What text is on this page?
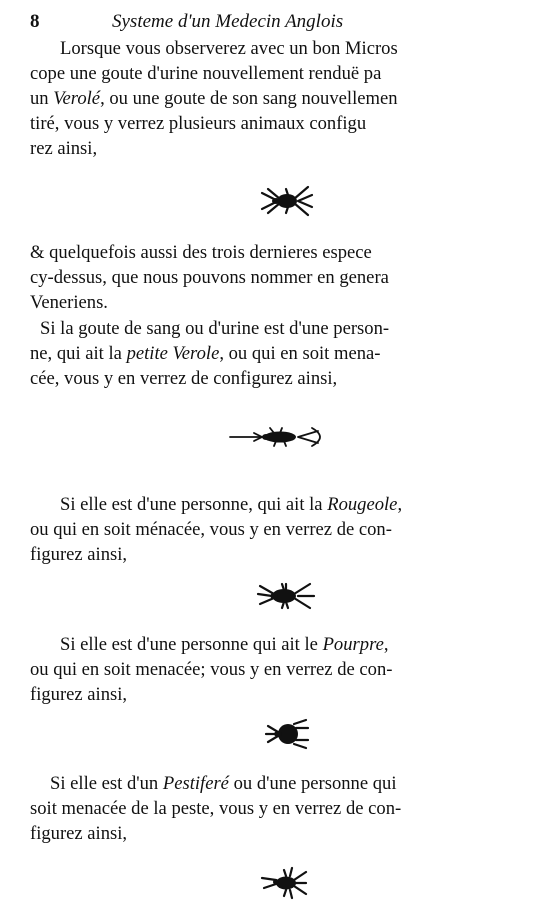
8	Systeme d'un Medecin Anglois
Lorsque vous observerez avec un bon Micros
cope une goute d'urine nouvellement renduë pa
un Verolé, ou une goute de son sang nouvellemen
tiré, vous y verrez plusieurs animaux configu
rez ainsi,
& quelquefois aussi des trois dernieres espece
cy-dessus, que nous pouvons nommer en genera
Veneriens.
Si la goute de sang ou d'urine est d'une person-
ne, qui ait la petite Verole, ou qui en soit mena-
cée, vous y en verrez de configurez ainsi,
Si elle est d'une personne, qui ait la Rougeole,
ou qui en soit ménacée, vous y en verrez de con-
figurez ainsi,
Si elle est d'une personne qui ait le Pourpre,
ou qui en soit menacée; vous y en verrez de con-
figurez ainsi,
Si elle est d'un Pestiferé ou d'une personne qui
soit menacée de la peste, vous y en verrez de con-
figurez ainsi,
